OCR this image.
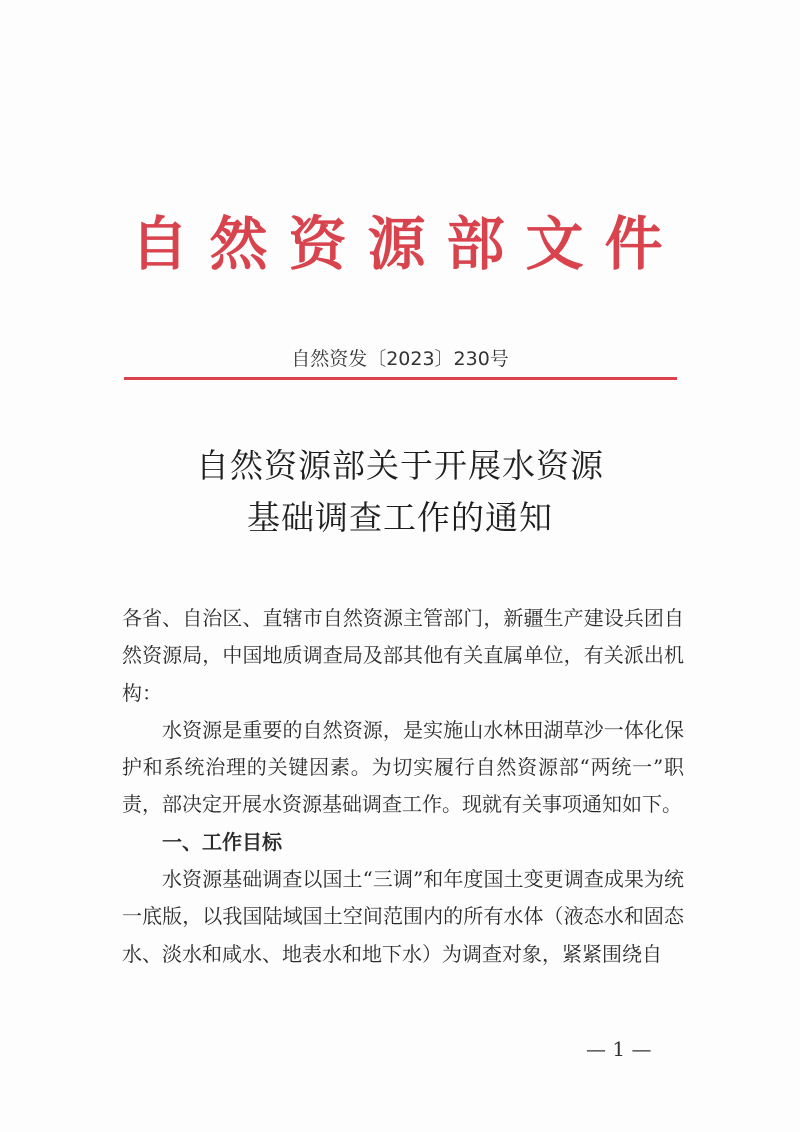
自然资源部文件
自然资发〔2023〕230号
自然资源部关于开展水资源
基础调查工作的通知

各省、自治区、直辖市自然资源主管部门，新疆生产建设兵团自然资源局，中国地质调查局及部其他有关直属单位，有关派出机构：

水资源是重要的自然资源，是实施山水林田湖草沙一体化保护和系统治理的关键因素。为切实履行自然资源部“两统一”职责，部决定开展水资源基础调查工作。现就有关事项通知如下。

一、工作目标

水资源基础调查以国土“三调”和年度国土变更调查成果为统一底版，以我国陆域国土空间范围内的所有水体（液态水和固态水、淡水和咸水、地表水和地下水）为调查对象，紧紧围绕自

— 1 —
